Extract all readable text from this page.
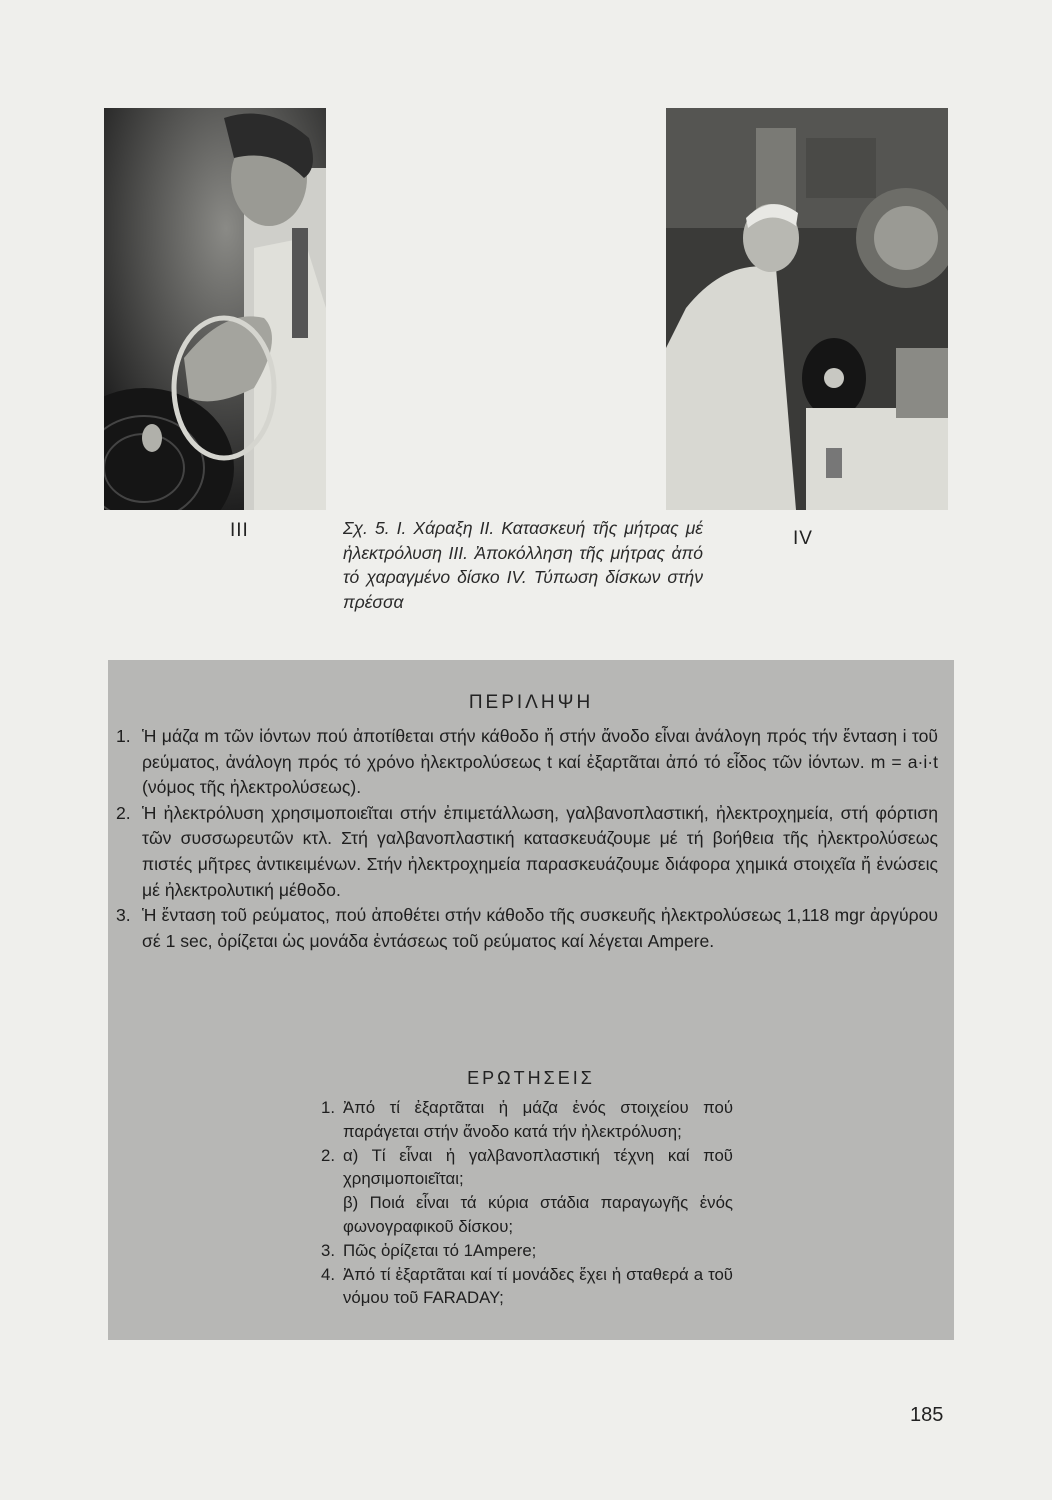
III	Σχ. 5. Ι. Χάραξη ΙΙ. Κατασκευή τῆς μήτρας μέ ἠλεκτρόλυση ΙΙΙ. Ἀποκόλληση τῆς μήτρας ἀπό τό χαραγμένο δίσκο ΙV. Τύπωση δίσκων στήν πρέσσα
IV
ΠΕΡΙΛΗΨΗ
1. Ἡ μάζα m τῶν ἰόντων πού ἀποτίθεται στήν κάθοδο ἤ στήν ἄνοδο εἶναι ἀνάλογη πρός τήν ἔνταση i τοῦ ρεύματος, ἀνάλογη πρός τό χρόνο ἠλεκτρολύσεως t καί ἐξαρτᾶται ἀπό τό εἶδος τῶν ἰόντων. m = a·i·t (νόμος τῆς ἠλεκτρολύσεως).
2. Ἡ ἠλεκτρόλυση χρησιμοποιεῖται στήν ἐπιμετάλλωση, γαλβανοπλαστική, ἠλεκτροχημεία, στή φόρτιση τῶν συσσωρευτῶν κτλ. Στή γαλβανοπλαστική κατασκευάζουμε μέ τή βοήθεια τῆς ἠλεκτρολύσεως πιστές μῆτρες ἀντικειμένων. Στήν ἠλεκτροχημεία παρασκευάζουμε διάφορα χημικά στοιχεῖα ἤ ἑνώσεις μέ ἠλεκτρολυτική μέθοδο.
3. Ἡ ἔνταση τοῦ ρεύματος, πού ἀποθέτει στήν κάθοδο τῆς συσκευῆς ἠλεκτρολύσεως 1,118 mgr ἀργύρου σέ 1 sec, ὁρίζεται ὡς μονάδα ἐντάσεως τοῦ ρεύματος καί λέγεται Ampere.
ΕΡΩΤΗΣΕΙΣ
1. Ἀπό τί ἐξαρτᾶται ἡ μάζα ἑνός στοιχείου πού παράγεται στήν ἄνοδο κατά τήν ἠλεκτρόλυση;
2. α) Τί εἶναι ἡ γαλβανοπλαστική τέχνη καί ποῦ χρησιμοποιεῖται;
β) Ποιά εἶναι τά κύρια στάδια παραγωγῆς ἑνός φωνογραφικοῦ δίσκου;
3. Πῶς ὁρίζεται τό 1Ampere;
4. Ἀπό τί ἐξαρτᾶται καί τί μονάδες ἔχει ἡ σταθερά a τοῦ νόμου τοῦ FARADAY;
185
